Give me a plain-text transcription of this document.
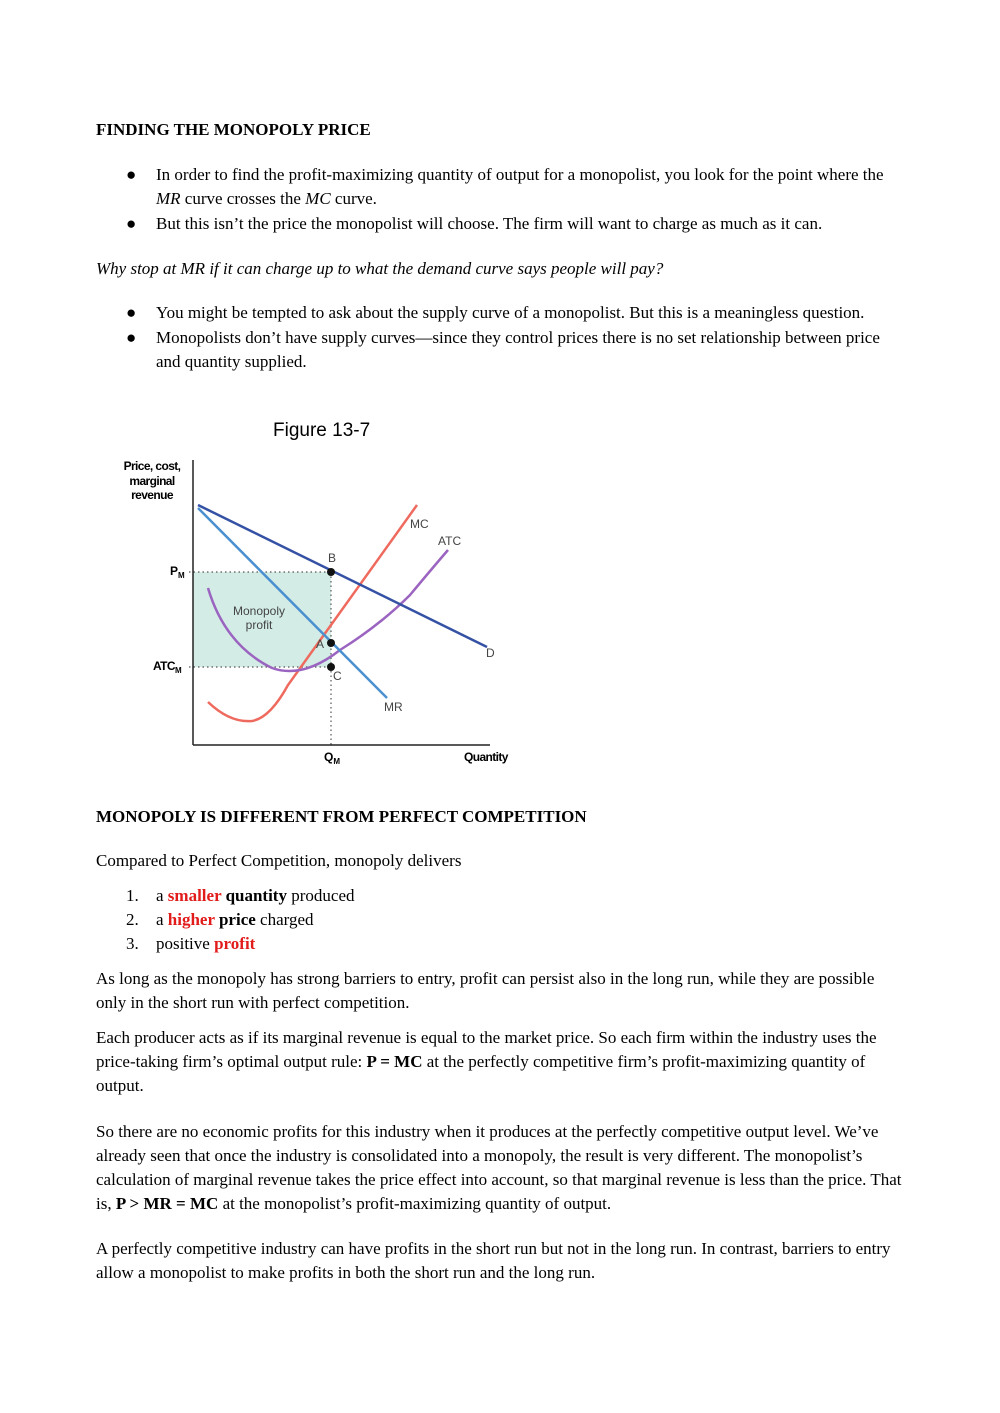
FINDING THE MONOPOLY PRICE
● In order to find the profit-maximizing quantity of output for a monopolist, you look for the point where the MR curve crosses the MC curve.
● But this isn’t the price the monopolist will choose. The firm will want to charge as much as it can.

Why stop at MR if it can charge up to what the demand curve says people will pay?

● You might be tempted to ask about the supply curve of a monopolist. But this is a meaningless question.
● Monopolists don’t have supply curves—since they control prices there is no set relationship between price and quantity supplied.
MONOPOLY IS DIFFERENT FROM PERFECT COMPETITION

Compared to Perfect Competition, monopoly delivers

1. a smaller quantity produced
2. a higher price charged
3. positive profit

As long as the monopoly has strong barriers to entry, profit can persist also in the long run, while they are possible only in the short run with perfect competition.

Each producer acts as if its marginal revenue is equal to the market price. So each firm within the industry uses the price-taking firm’s optimal output rule: P = MC at the perfectly competitive firm’s profit-maximizing quantity of output.

So there are no economic profits for this industry when it produces at the perfectly competitive output level. We’ve already seen that once the industry is consolidated into a monopoly, the result is very different. The monopolist’s calculation of marginal revenue takes the price effect into account, so that marginal revenue is less than the price. That is, P > MR = MC at the monopolist’s profit-maximizing quantity of output.

A perfectly competitive industry can have profits in the short run but not in the long run. In contrast, barriers to entry allow a monopolist to make profits in both the short run and the long run.

Figure 13-7
Price, cost,
marginal
revenue
$P_M$
$ATC_M$
$Q_M$	Quantity
MC
ATC
D
MR
B
A
C
Monopoly
profit
